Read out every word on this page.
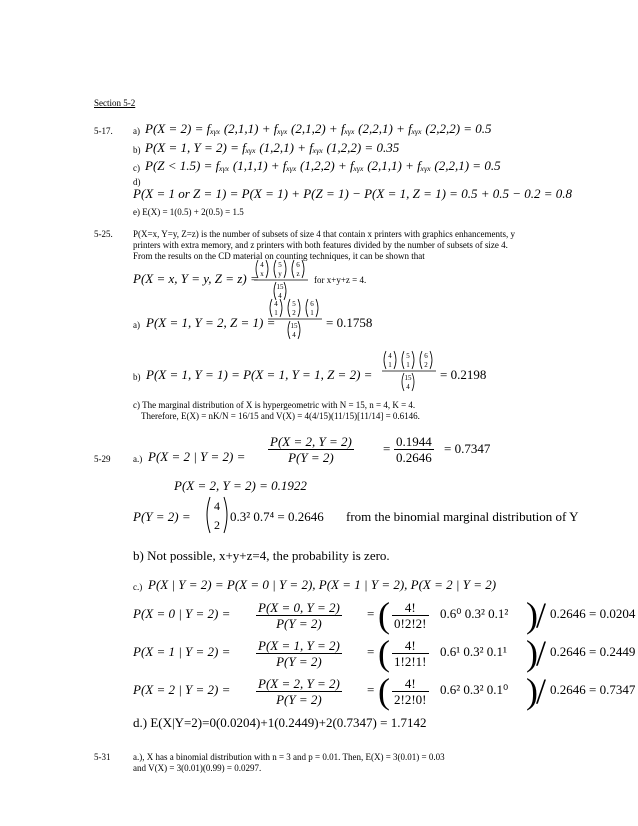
Section 5-2
5-17. a) P(X = 2) = fₓᵧₓ (2,1,1) + fₓᵧₓ (2,1,2) + fₓᵧₓ (2,2,1) + fₓᵧₓ (2,2,2) = 0.5
b) P(X = 1, Y = 2) = fₓᵧₓ (1,2,1) + fₓᵧₓ (1,2,2) = 0.35
c) P(Z < 1.5) = fₓᵧₓ (1,1,1) + fₓᵧₓ (1,2,2) + fₓᵧₓ (2,1,1) + fₓᵧₓ (2,2,1) = 0.5
d)
P(X = 1 or Z = 1) = P(X = 1) + P(Z = 1) − P(X = 1, Z = 1) = 0.5 + 0.5 − 0.2 = 0.8
e) E(X) = 1(0.5) + 2(0.5) = 1.5
5-25. P(X=x, Y=y, Z=z) is the number of subsets of size 4 that contain x printers with graphics enhancements, y
printers with extra memory, and z printers with both features divided by the number of subsets of size 4.
From the results on the CD material on counting techniques, it can be shown that
P(X = x, Y = y, Z = z) =
4
x
5
y
6
z
15
4
for x+y+z = 4.
a) P(X = 1, Y = 2, Z = 1) =
4
1
5
2
6
1
15
4
= 0.1758
b) P(X = 1, Y = 1) = P(X = 1, Y = 1, Z = 2) =
4
1
5
1
6
2
15
4
= 0.2198
c) The marginal distribution of X is hypergeometric with N = 15, n = 4, K = 4.
Therefore, E(X) = nK/N = 16/15 and V(X) = 4(4/15)(11/15)[11/14] = 0.6146.
5-29	a.) P(X = 2 | $Y = 2) = \frac{P(X = 2, Y = 2)}{P(Y = 2)} = \frac{0.1944}{0.2646} = 0.7347$
P(X = 2, Y = 2) = 0.1922
P(Y = 2) =
4
2
0.3² 0.7⁴ = 0.2646 from the binomial marginal distribution of Y
b) Not possible, x+y+z=4, the probability is zero.
c.) P(X | Y = 2) = P(X = 0 | Y = 2), P(X = 1 | Y = 2), P(X = 2 | Y = 2)
P(X = 0 | $Y = 2) = \frac{P(X = 0, Y = 2)}{P(Y = 2)}$ = ( $\frac{4!}{0!2!2!} 0.6^0$ 0.3² 0.1² )
/ 0.2646 = 0.0204
P(X = 1 | $Y = 2) = \frac{P(X = 1, Y = 2)}{P(Y = 2)}$ = ( $\frac{4!}{1!2!1!} 0.6^1$ 0.3² 0.1¹ )
/ 0.2646 = 0.2449
P(X = 2 | $Y = 2) = \frac{P(X = 2, Y = 2)}{P(Y = 2)}$ = ( $\frac{4!}{2!2!0!} 0.6^2$ 0.3² 0.1⁰ )
/ 0.2646 = 0.7347
d.) E(X|Y=2)=0(0.0204)+1(0.2449)+2(0.7347) = 1.7142
5-31	a.), X has a binomial distribution with n = 3 and p = 0.01. Then, E(X) = 3(0.01) = 0.03
and V(X) = 3(0.01)(0.99) = 0.0297.
